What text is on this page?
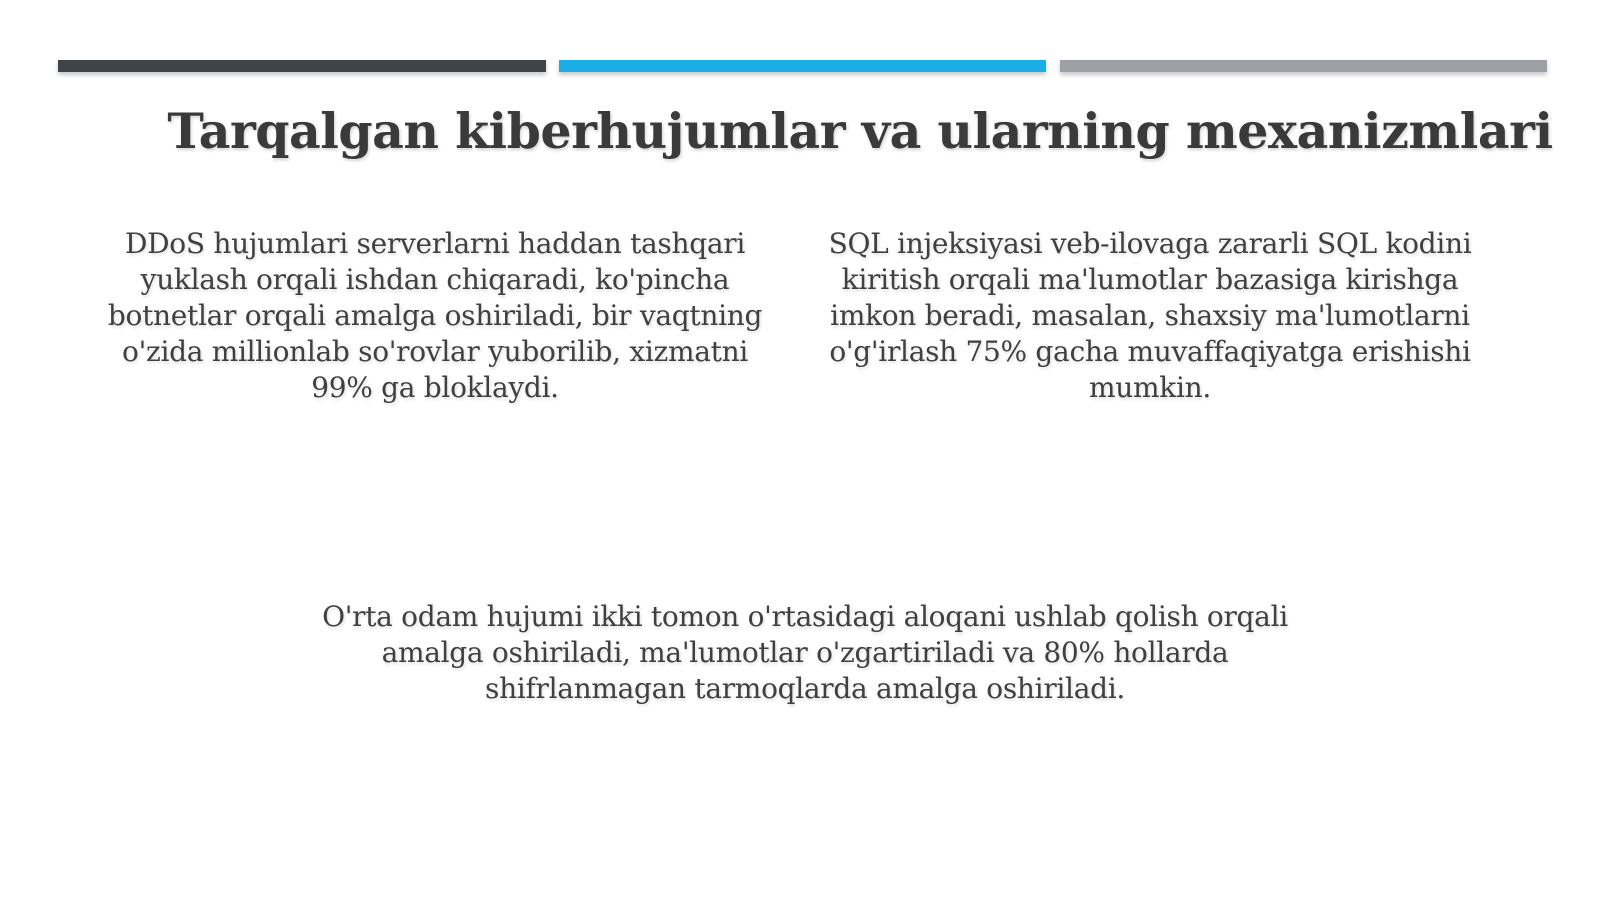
Tarqalgan kiberhujumlar va ularning mexanizmlari

DDoS hujumlari serverlarni haddan tashqari yuklash orqali ishdan chiqaradi, ko'pincha botnetlar orqali amalga oshiriladi, bir vaqtning o'zida millionlab so'rovlar yuborilib, xizmatni 99% ga bloklaydi.

SQL injeksiyasi veb-ilovaga zararli SQL kodini kiritish orqali ma'lumotlar bazasiga kirishga imkon beradi, masalan, shaxsiy ma'lumotlarni o'g'irlash 75% gacha muvaffaqiyatga erishishi mumkin.

O'rta odam hujumi ikki tomon o'rtasidagi aloqani ushlab qolish orqali amalga oshiriladi, ma'lumotlar o'zgartiriladi va 80% hollarda shifrlanmagan tarmoqlarda amalga oshiriladi.
